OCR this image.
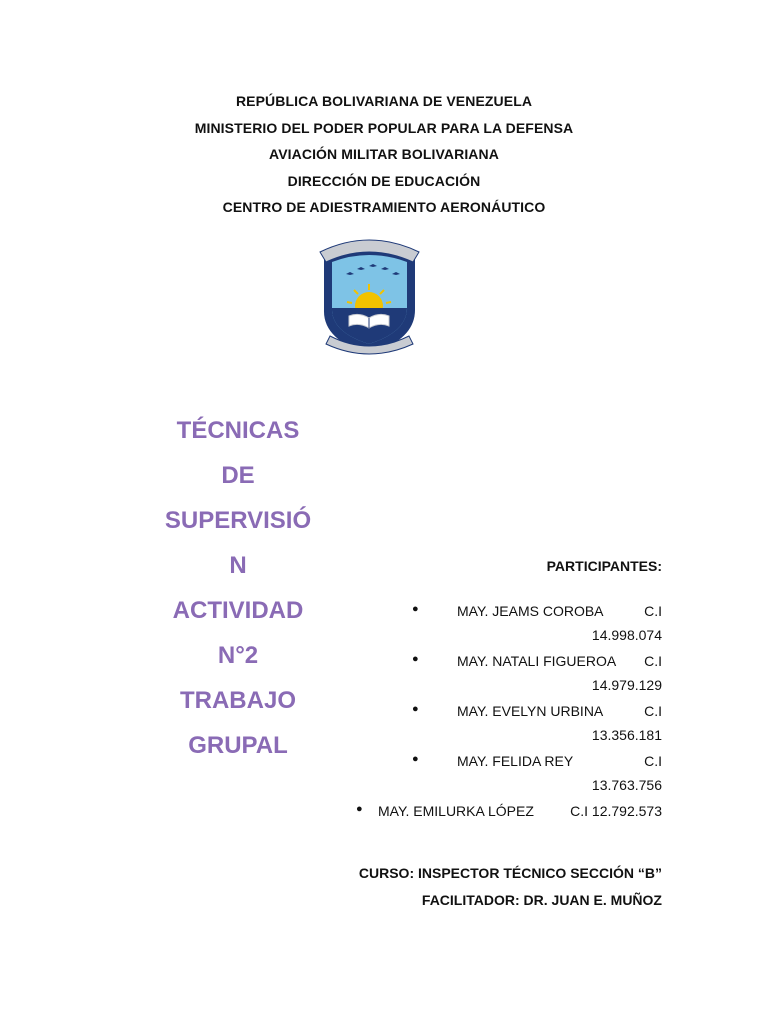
REPÚBLICA BOLIVARIANA DE VENEZUELA
MINISTERIO DEL PODER POPULAR PARA LA DEFENSA
AVIACIÓN MILITAR BOLIVARIANA
DIRECCIÓN DE EDUCACIÓN
CENTRO DE ADIESTRAMIENTO AERONÁUTICO
TÉCNICAS
DE
SUPERVISIÓ
N
ACTIVIDAD
N°2
TRABAJO
GRUPAL
PARTICIPANTES:
●	MAY. JEAMS COROBA	C.I
14.998.074
●	MAY. NATALI FIGUEROA C.I
14.979.129
●	MAY. EVELYN URBINA	C.I
13.356.181
●	MAY. FELIDA REY	C.I
13.763.756
● MAY. EMILURKA LÓPEZ	C.I 12.792.573
CURSO: INSPECTOR TÉCNICO SECCIÓN “B”
FACILITADOR: DR. JUAN E. MUÑOZ
